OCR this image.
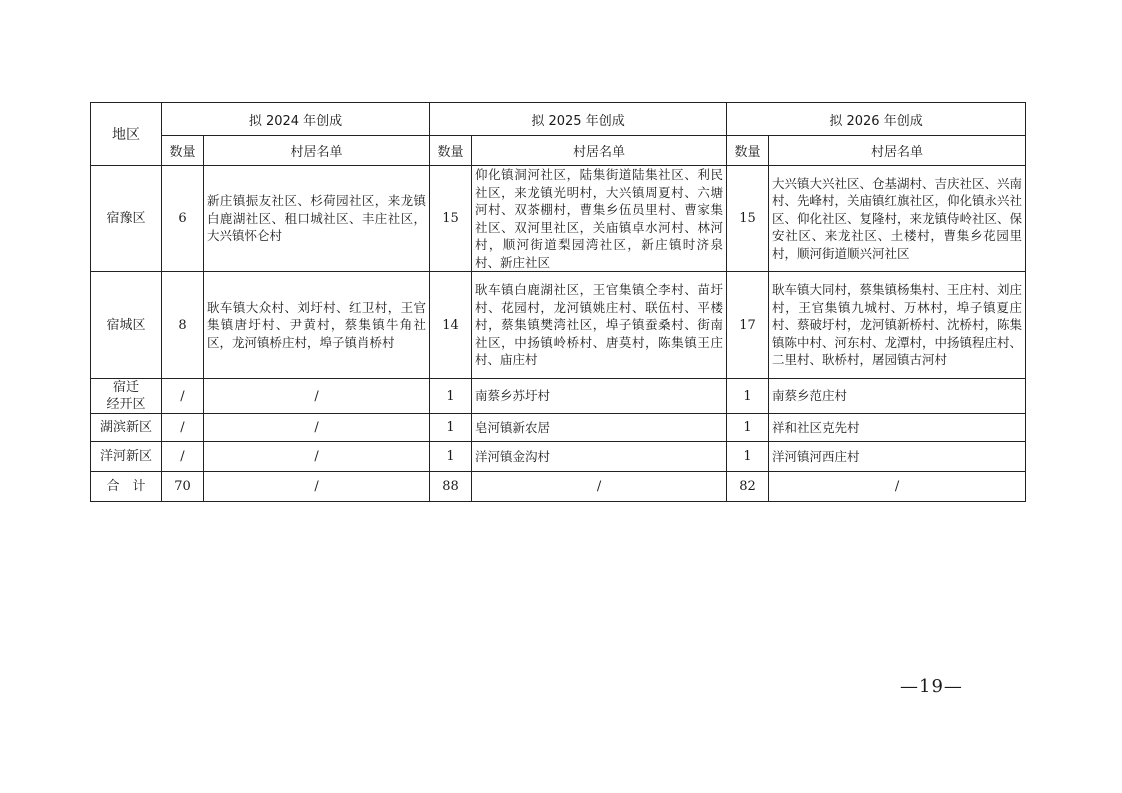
地区	拟 2024 年创成		拟 2025 年创成		拟 2026 年创成	
	数量	村居名单	数量	村居名单	数量	村居名单
宿豫区	6	新庄镇振友社区、杉荷园社区，来龙镇白鹿湖社区、租口城社区、丰庄社区，大兴镇怀仑村	15	仰化镇洞河社区，陆集街道陆集社区、利民社区，来龙镇光明村，大兴镇周夏村、六塘河村、双茶棚村，曹集乡伍员里村、曹家集社区、双河里社区，关庙镇卓水河村、林河村，顺河街道梨园湾社区，新庄镇时济泉村、新庄社区	15	大兴镇大兴社区、仓基湖村、吉庆社区、兴南村、先峰村，关庙镇红旗社区，仰化镇永兴社区、仰化社区、复隆村，来龙镇侍岭社区、保安社区、来龙社区、土楼村，曹集乡花园里村，顺河街道顺兴河社区
宿城区	8	耿车镇大众村、刘圩村、红卫村，王官集镇唐圩村、尹黄村，蔡集镇牛角社区，龙河镇桥庄村，埠子镇肖桥村	14	耿车镇白鹿湖社区，王官集镇仝李村、苗圩村、花园村，龙河镇姚庄村、联伍村、平楼村，蔡集镇樊湾社区，埠子镇蚕桑村、街南社区，中扬镇岭桥村、唐莫村，陈集镇王庄村、庙庄村	17	耿车镇大同村，蔡集镇杨集村、王庄村、刘庄村，王官集镇九城村、万林村，埠子镇夏庄村、蔡破圩村，龙河镇新桥村、沈桥村，陈集镇陈中村、河东村、龙潭村，中扬镇程庄村、二里村、耿桥村，屠园镇古河村

宿迁
经开区	/	/	1	南蔡乡苏圩村	1	南蔡乡范庄村
湖滨新区	/	/	1	皂河镇新农居	1	祥和社区克先村
洋河新区	/	/	1	洋河镇金沟村	1	洋河镇河西庄村
合　计	70	/	88	/	82	/
—19—
